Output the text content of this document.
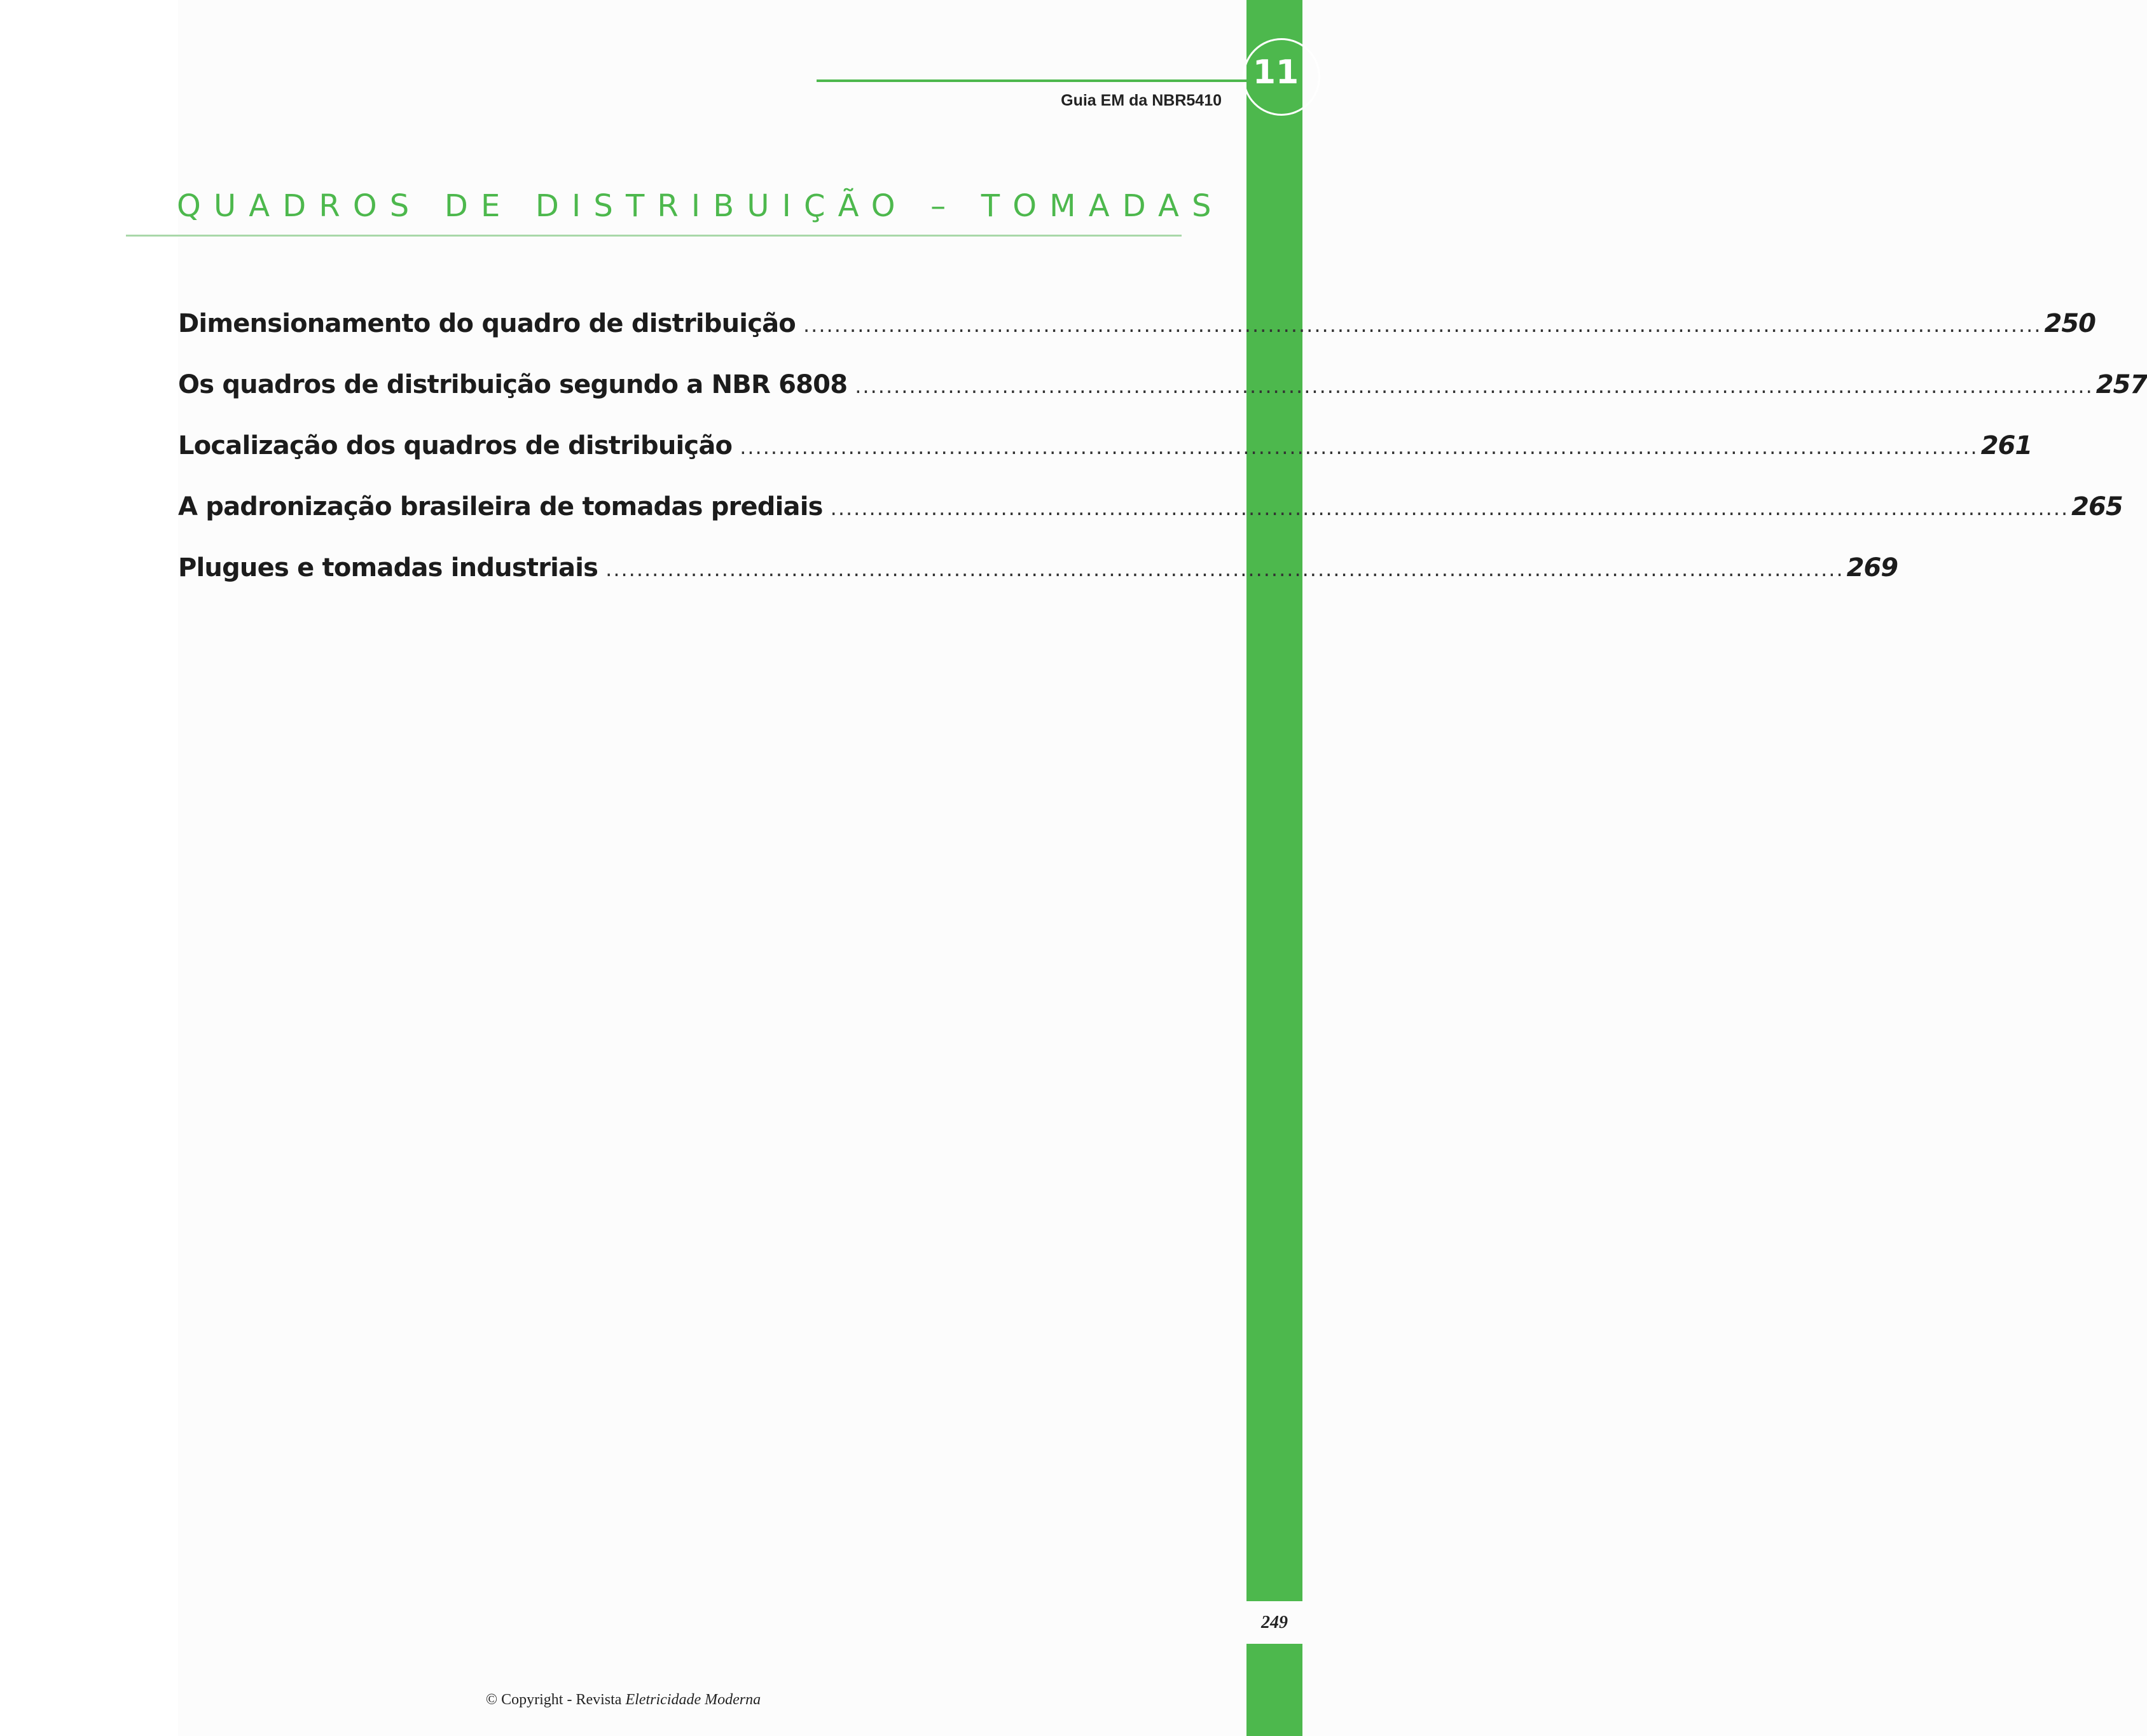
249
11
Guia EM da NBR5410
QUADROS DE DISTRIBUIÇÃO – TOMADAS
Dimensionamento do quadro de distribuição ................................................................................................................................................................ 250
Os quadros de distribuição segundo a NBR 6808 ................................................................................................................................................................ 257
Localização dos quadros de distribuição ................................................................................................................................................................ 261
A padronização brasileira de tomadas prediais ................................................................................................................................................................ 265
Plugues e tomadas industriais ................................................................................................................................................................ 269
© Copyright - Revista Eletricidade Moderna
